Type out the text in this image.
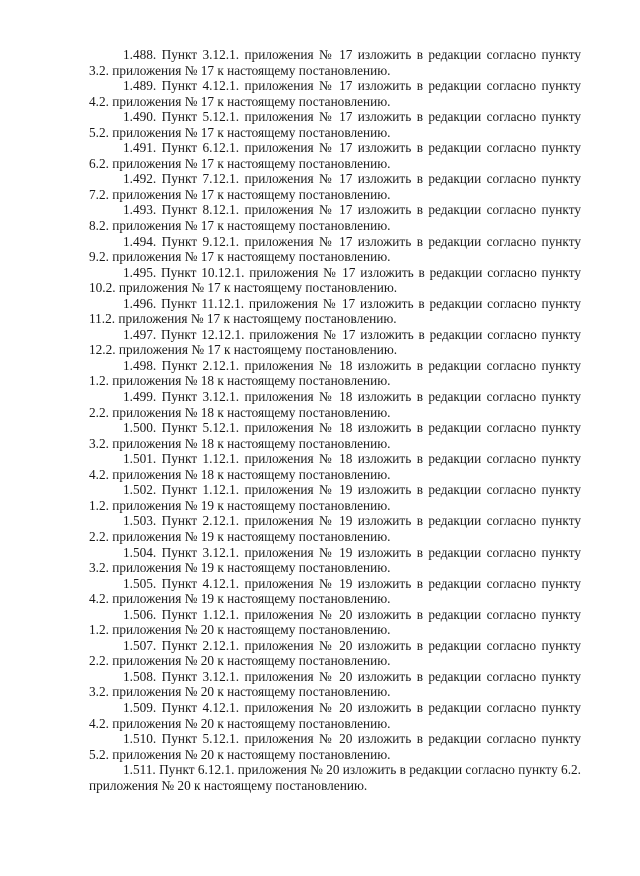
1.488. Пункт 3.12.1. приложения № 17 изложить в редакции согласно пункту 3.2. приложения № 17 к настоящему постановлению.

1.489. Пункт 4.12.1. приложения № 17 изложить в редакции согласно пункту 4.2. приложения № 17 к настоящему постановлению.

1.490. Пункт 5.12.1. приложения № 17 изложить в редакции согласно пункту 5.2. приложения № 17 к настоящему постановлению.

1.491. Пункт 6.12.1. приложения № 17 изложить в редакции согласно пункту 6.2. приложения № 17 к настоящему постановлению.

1.492. Пункт 7.12.1. приложения № 17 изложить в редакции согласно пункту 7.2. приложения № 17 к настоящему постановлению.

1.493. Пункт 8.12.1. приложения № 17 изложить в редакции согласно пункту 8.2. приложения № 17 к настоящему постановлению.

1.494. Пункт 9.12.1. приложения № 17 изложить в редакции согласно пункту 9.2. приложения № 17 к настоящему постановлению.

1.495. Пункт 10.12.1. приложения № 17 изложить в редакции согласно пункту 10.2. приложения № 17 к настоящему постановлению.

1.496. Пункт 11.12.1. приложения № 17 изложить в редакции согласно пункту 11.2. приложения № 17 к настоящему постановлению.

1.497. Пункт 12.12.1. приложения № 17 изложить в редакции согласно пункту 12.2. приложения № 17 к настоящему постановлению.

1.498. Пункт 2.12.1. приложения № 18 изложить в редакции согласно пункту 1.2. приложения № 18 к настоящему постановлению.

1.499. Пункт 3.12.1. приложения № 18 изложить в редакции согласно пункту 2.2. приложения № 18 к настоящему постановлению.

1.500. Пункт 5.12.1. приложения № 18 изложить в редакции согласно пункту 3.2. приложения № 18 к настоящему постановлению.

1.501. Пункт 1.12.1. приложения № 18 изложить в редакции согласно пункту 4.2. приложения № 18 к настоящему постановлению.

1.502. Пункт 1.12.1. приложения № 19 изложить в редакции согласно пункту 1.2. приложения № 19 к настоящему постановлению.

1.503. Пункт 2.12.1. приложения № 19 изложить в редакции согласно пункту 2.2. приложения № 19 к настоящему постановлению.

1.504. Пункт 3.12.1. приложения № 19 изложить в редакции согласно пункту 3.2. приложения № 19 к настоящему постановлению.

1.505. Пункт 4.12.1. приложения № 19 изложить в редакции согласно пункту 4.2. приложения № 19 к настоящему постановлению.

1.506. Пункт 1.12.1. приложения № 20 изложить в редакции согласно пункту 1.2. приложения № 20 к настоящему постановлению.

1.507. Пункт 2.12.1. приложения № 20 изложить в редакции согласно пункту 2.2. приложения № 20 к настоящему постановлению.

1.508. Пункт 3.12.1. приложения № 20 изложить в редакции согласно пункту 3.2. приложения № 20 к настоящему постановлению.

1.509. Пункт 4.12.1. приложения № 20 изложить в редакции согласно пункту 4.2. приложения № 20 к настоящему постановлению.

1.510. Пункт 5.12.1. приложения № 20 изложить в редакции согласно пункту 5.2. приложения № 20 к настоящему постановлению.

1.511. Пункт 6.12.1. приложения № 20 изложить в редакции согласно пункту 6.2. приложения № 20 к настоящему постановлению.
